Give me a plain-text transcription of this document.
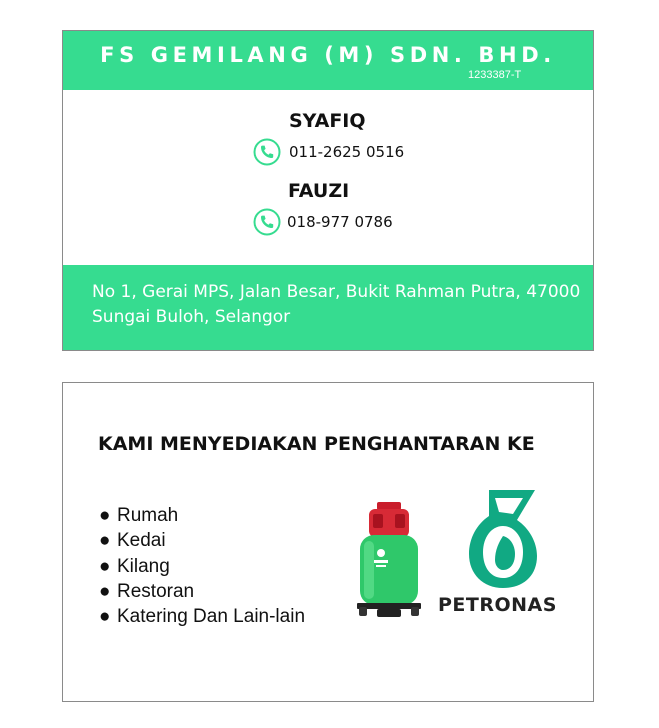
FS GEMILANG (M) SDN. BHD.
1233387-T
SYAFIQ
011-2625 0516
FAUZI
018-977 0786
No 1, Gerai MPS, Jalan Besar, Bukit Rahman Putra, 47000
Sungai Buloh, Selangor
KAMI MENYEDIAKAN PENGHANTARAN KE
● Rumah
● Kedai
● Kilang
● Restoran
● Katering Dan Lain-lain
PETRONAS
